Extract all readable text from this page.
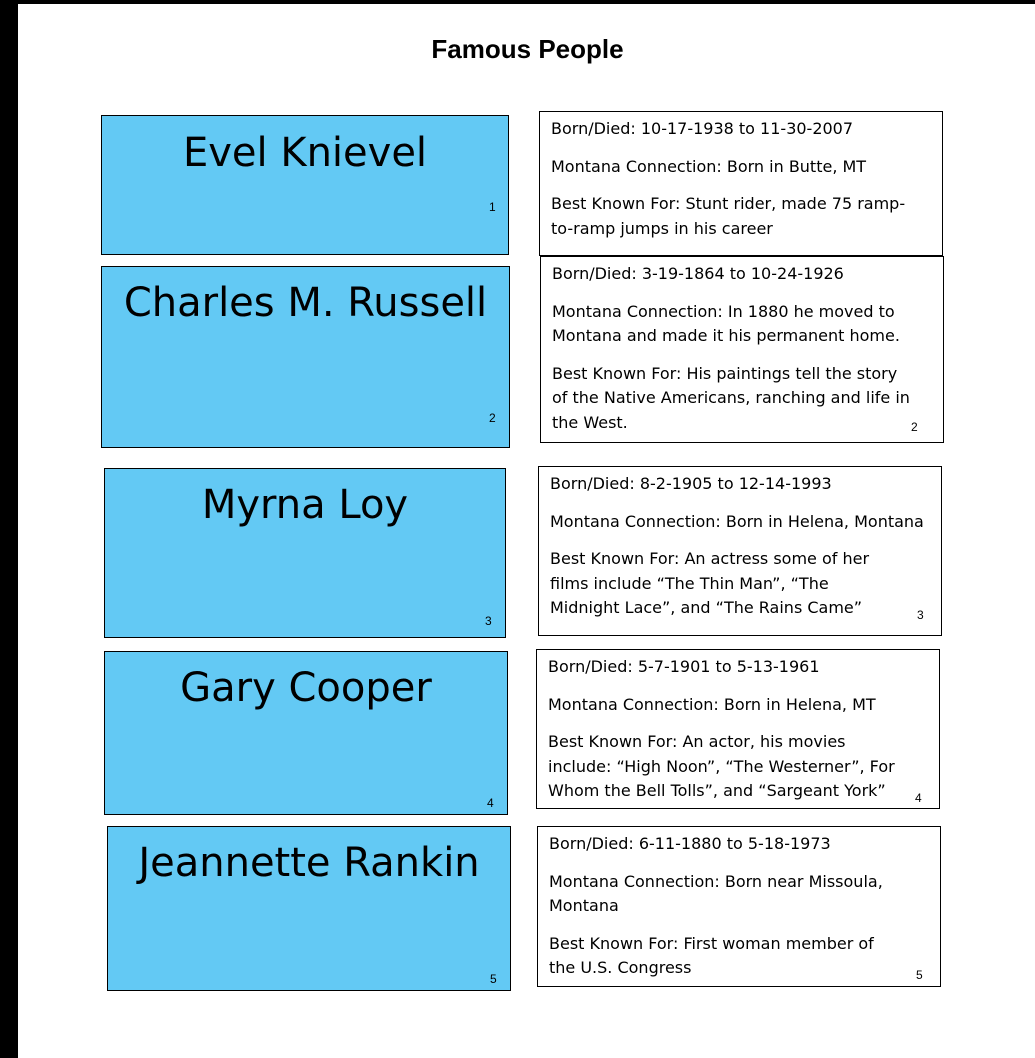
Famous People
Evel Knievel
1

Born/Died: 10-17-1938 to 11-30-2007

Montana Connection: Born in Butte, MT

Best Known For: Stunt rider, made 75 ramp-to-ramp jumps in his career

Charles M. Russell
2

Born/Died: 3-19-1864 to 10-24-1926

Montana Connection: In 1880 he moved to Montana and made it his permanent home.

Best Known For: His paintings tell the story of the Native Americans, ranching and life in the West.	2
Myrna Loy
3

Born/Died: 8-2-1905 to 12-14-1993

Montana Connection: Born in Helena, Montana

Best Known For: An actress some of her films include “The Thin Man”, “The Midnight Lace”, and “The Rains Came”	3
Gary Cooper
4

Born/Died: 5-7-1901 to 5-13-1961

Montana Connection: Born in Helena, MT

Best Known For: An actor, his movies include: “High Noon”, “The Westerner”, For Whom the Bell Tolls”, and “Sargeant York”	4
Jeannette Rankin
5

Born/Died: 6-11-1880 to 5-18-1973

Montana Connection: Born near Missoula, Montana

Best Known For: First woman member of the U.S. Congress	5
